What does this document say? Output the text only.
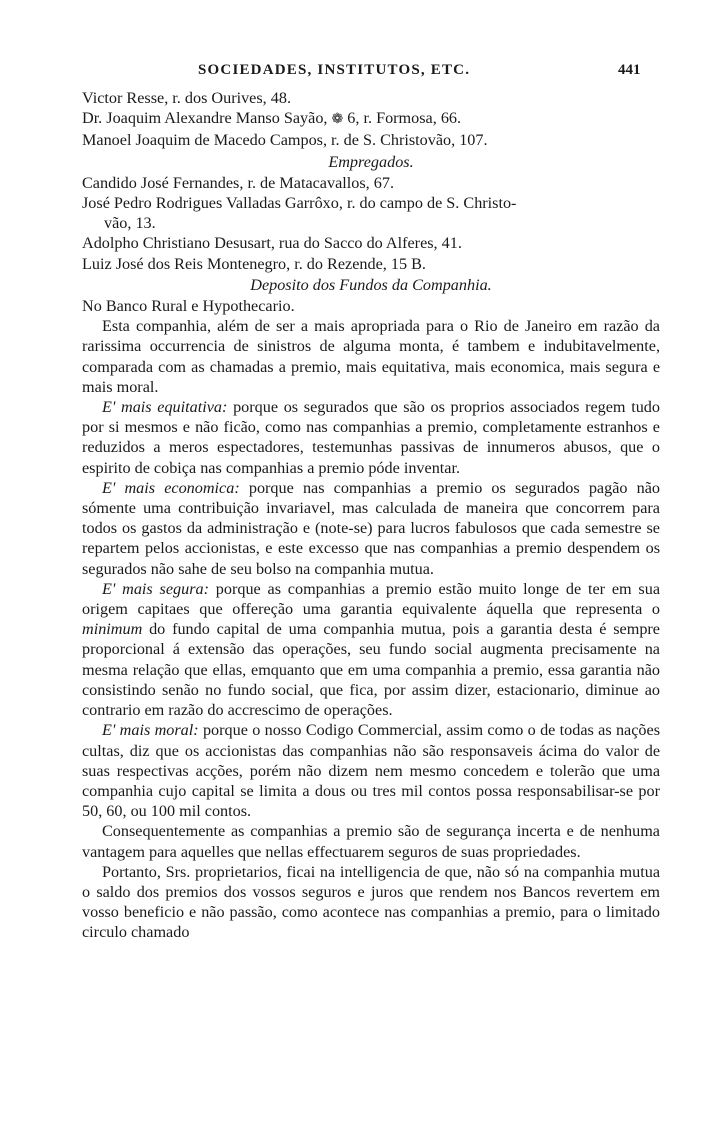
SOCIEDADES, INSTITUTOS, ETC.	441
Victor Resse, r. dos Ourives, 48.
Dr. Joaquim Alexandre Manso Sayão, ❁ 6, r. Formosa, 66.
Manoel Joaquim de Macedo Campos, r. de S. Christovão, 107.
Empregados.
Candido José Fernandes, r. de Matacavallos, 67.
José Pedro Rodrigues Valladas Garrôxo, r. do campo de S. Christo-
vão, 13.
Adolpho Christiano Desusart, rua do Sacco do Alferes, 41.
Luiz José dos Reis Montenegro, r. do Rezende, 15 B.
Deposito dos Fundos da Companhia.
No Banco Rural e Hypothecario.

Esta companhia, além de ser a mais apropriada para o Rio de Janeiro em razão da rarissima occurrencia de sinistros de alguma monta, é tambem e indubitavelmente, comparada com as chamadas a premio, mais equitativa, mais economica, mais segura e mais moral.

E' mais equitativa: porque os segurados que são os proprios associados regem tudo por si mesmos e não ficão, como nas companhias a premio, completamente estranhos e reduzidos a meros espectadores, testemunhas passivas de innumeros abusos, que o espirito de cobiça nas companhias a premio póde inventar.

E' mais economica: porque nas companhias a premio os segurados pagão não sómente uma contribuição invariavel, mas calculada de maneira que concorrem para todos os gastos da administração e (note-se) para lucros fabulosos que cada semestre se repartem pelos accionistas, e este excesso que nas companhias a premio despendem os segurados não sahe de seu bolso na companhia mutua.

E' mais segura: porque as companhias a premio estão muito longe de ter em sua origem capitaes que offereção uma garantia equivalente áquella que representa o minimum do fundo capital de uma companhia mutua, pois a garantia desta é sempre proporcional á extensão das operações, seu fundo social augmenta precisamente na mesma relação que ellas, emquanto que em uma companhia a premio, essa garantia não consistindo senão no fundo social, que fica, por assim dizer, estacionario, diminue ao contrario em razão do accrescimo de operações.

E' mais moral: porque o nosso Codigo Commercial, assim como o de todas as nações cultas, diz que os accionistas das companhias não são responsaveis ácima do valor de suas respectivas acções, porém não dizem nem mesmo concedem e tolerão que uma companhia cujo capital se limita a dous ou tres mil contos possa responsabilisar-se por 50, 60, ou 100 mil contos.

Consequentemente as companhias a premio são de segurança incerta e de nenhuma vantagem para aquelles que nellas effectuarem seguros de suas propriedades.

Portanto, Srs. proprietarios, ficai na intelligencia de que, não só na companhia mutua o saldo dos premios dos vossos seguros e juros que rendem nos Bancos revertem em vosso beneficio e não passão, como acontece nas companhias a premio, para o limitado circulo chamado
